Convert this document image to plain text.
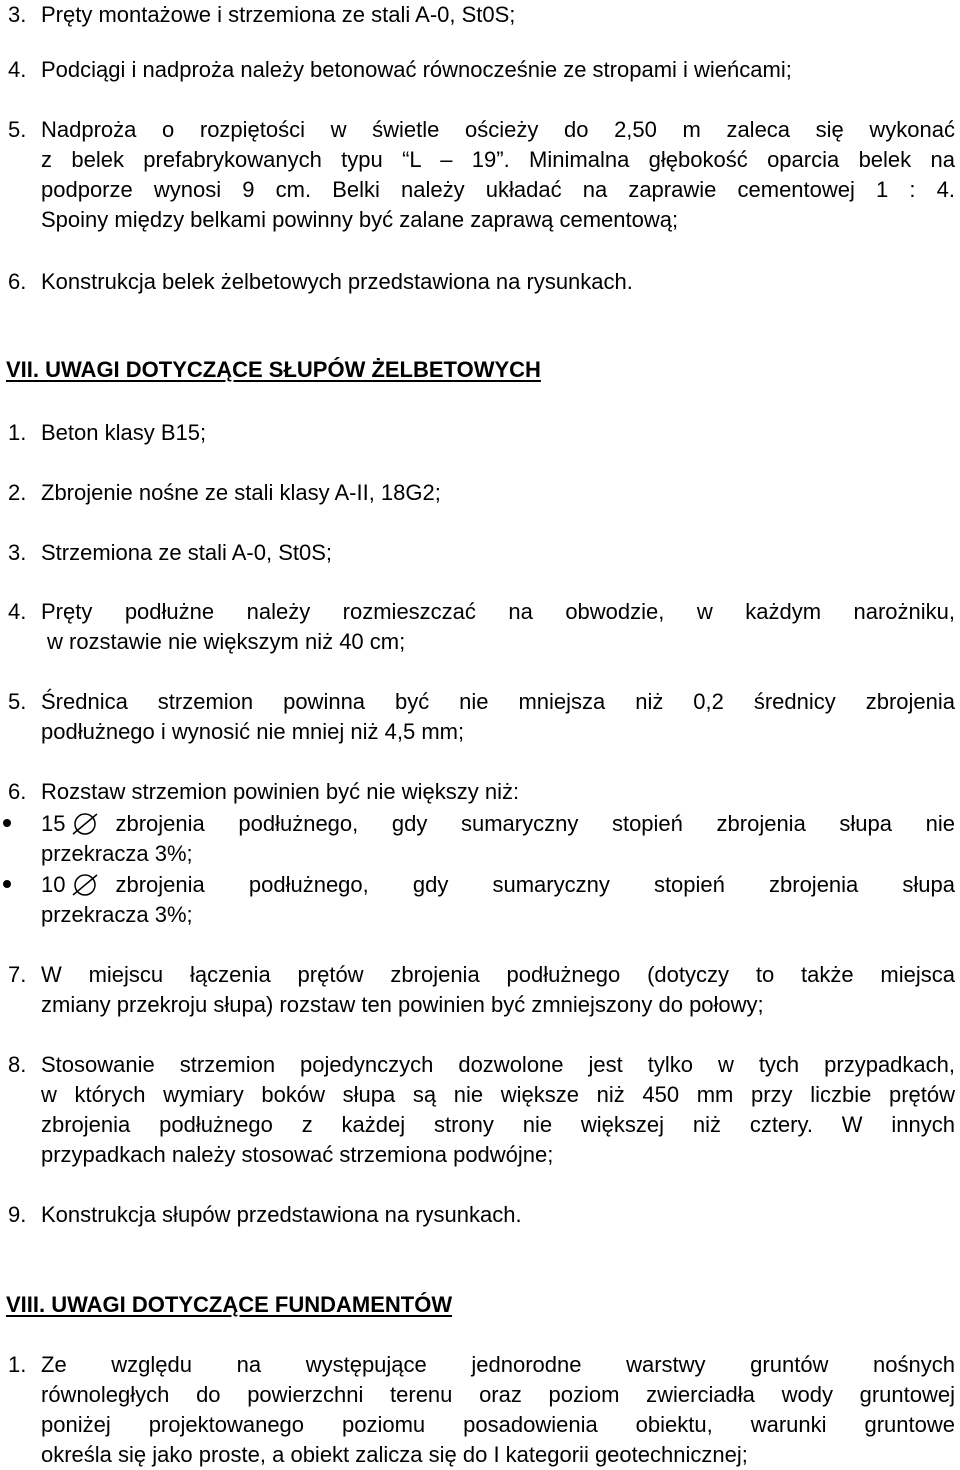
3. Pręty montażowe i strzemiona ze stali A-0, St0S;
4. Podciągi i nadproża należy betonować równocześnie ze stropami i wieńcami;
5. Nadproża o rozpiętości w świetle ościeży do 2,50 m zaleca się wykonać
z belek prefabrykowanych typu “L – 19”. Minimalna głębokość oparcia belek na
podporze wynosi 9 cm. Belki należy układać na zaprawie cementowej 1 : 4.
Spoiny między belkami powinny być zalane zaprawą cementową;
6. Konstrukcja belek żelbetowych przedstawiona na rysunkach.
VII. UWAGI DOTYCZĄCE SŁUPÓW ŻELBETOWYCH
1. Beton klasy B15;
2. Zbrojenie nośne ze stali klasy A-II, 18G2;
3. Strzemiona ze stali A-0, St0S;
4. Pręty podłużne należy rozmieszczać na obwodzie, w każdym narożniku,
w rozstawie nie większym niż 40 cm;
5. Średnica strzemion powinna być nie mniejsza niż 0,2 średnicy zbrojenia
podłużnego i wynosić nie mniej niż 4,5 mm;
6. Rozstaw strzemion powinien być nie większy niż:
15 zbrojenia podłużnego, gdy sumaryczny stopień zbrojenia słupa nie
przekracza 3%;
10 zbrojenia podłużnego, gdy sumaryczny stopień zbrojenia słupa
przekracza 3%;
7. W miejscu łączenia prętów zbrojenia podłużnego (dotyczy to także miejsca
zmiany przekroju słupa) rozstaw ten powinien być zmniejszony do połowy;
8. Stosowanie strzemion pojedynczych dozwolone jest tylko w tych przypadkach,
w których wymiary boków słupa są nie większe niż 450 mm przy liczbie prętów
zbrojenia podłużnego z każdej strony nie większej niż cztery. W innych
przypadkach należy stosować strzemiona podwójne;
9. Konstrukcja słupów przedstawiona na rysunkach.
VIII. UWAGI DOTYCZĄCE FUNDAMENTÓW
1. Ze względu na występujące jednorodne warstwy gruntów nośnych
równoległych do powierzchni terenu oraz poziom zwierciadła wody gruntowej
poniżej projektowanego poziomu posadowienia obiektu, warunki gruntowe
określa się jako proste, a obiekt zalicza się do I kategorii geotechnicznej;
